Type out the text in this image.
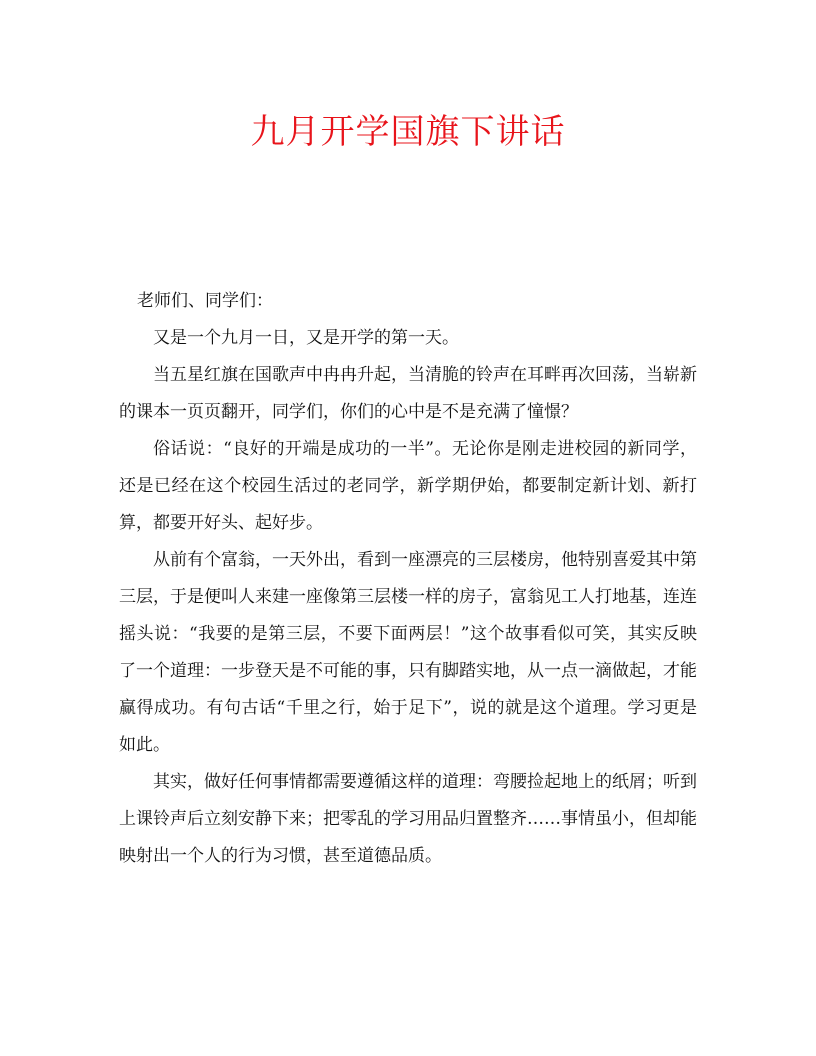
九月开学国旗下讲话

老师们、同学们：

又是一个九月一日，又是开学的第一天。

当五星红旗在国歌声中冉冉升起，当清脆的铃声在耳畔再次回荡，当崭新的课本一页页翻开，同学们，你们的心中是不是充满了憧憬？

俗话说：“良好的开端是成功的一半”。无论你是刚走进校园的新同学，还是已经在这个校园生活过的老同学，新学期伊始，都要制定新计划、新打算，都要开好头、起好步。

从前有个富翁，一天外出，看到一座漂亮的三层楼房，他特别喜爱其中第三层，于是便叫人来建一座像第三层楼一样的房子，富翁见工人打地基，连连摇头说：“我要的是第三层，不要下面两层！”这个故事看似可笑，其实反映了一个道理：一步登天是不可能的事，只有脚踏实地，从一点一滴做起，才能赢得成功。有句古话“千里之行，始于足下”，说的就是这个道理。学习更是如此。

其实，做好任何事情都需要遵循这样的道理：弯腰捡起地上的纸屑；听到上课铃声后立刻安静下来；把零乱的学习用品归置整齐……事情虽小，但却能映射出一个人的行为习惯，甚至道德品质。
